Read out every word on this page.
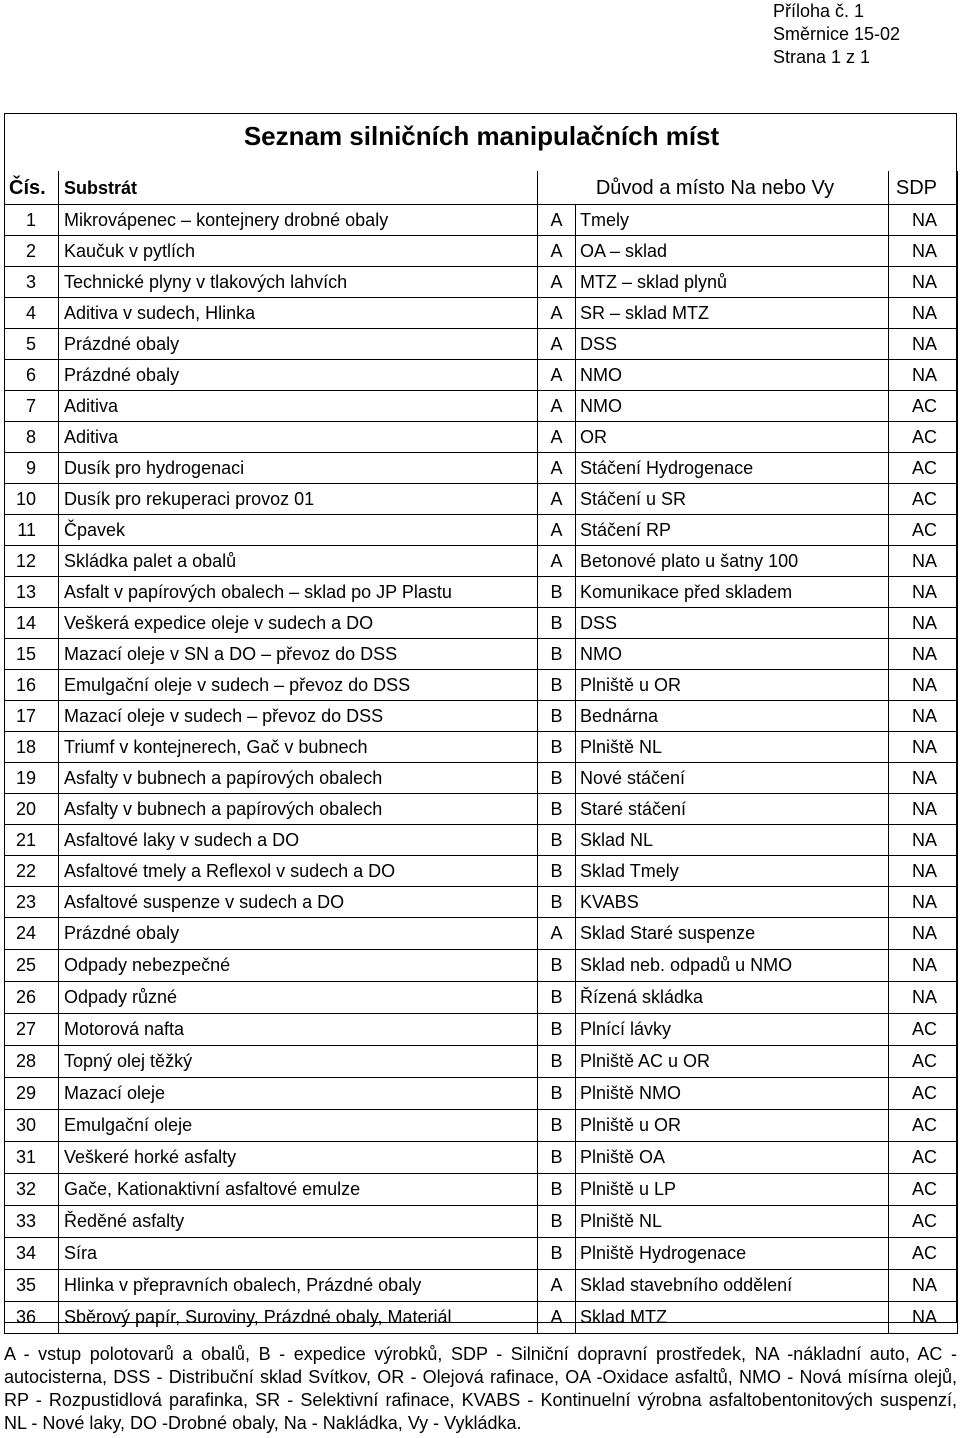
Příloha č. 1
Směrnice 15-02
Strana 1 z 1
Seznam silničních manipulačních míst
Čís.	Substrát	Důvod a místo Na nebo Vy		SDP
1	Mikrovápenec – kontejnery drobné obaly	A	Tmely	NA
2	Kaučuk v pytlích	A	OA – sklad	NA
3	Technické plyny v tlakových lahvích	A	MTZ – sklad plynů	NA
4	Aditiva v sudech, Hlinka	A	SR – sklad MTZ	NA
5	Prázdné obaly	A	DSS	NA
6	Prázdné obaly	A	NMO	NA
7	Aditiva	A	NMO	AC
8	Aditiva	A	OR	AC
9	Dusík pro hydrogenaci	A	Stáčení Hydrogenace	AC
10	Dusík pro rekuperaci provoz 01	A	Stáčení u SR	AC
11	Čpavek	A	Stáčení RP	AC
12	Skládka palet a obalů	A	Betonové plato u šatny 100	NA
13	Asfalt v papírových obalech – sklad po JP Plastu	B	Komunikace před skladem	NA
14	Veškerá expedice oleje v sudech a DO	B	DSS	NA
15	Mazací oleje v SN a DO – převoz do DSS	B	NMO	NA
16	Emulgační oleje v sudech – převoz do DSS	B	Plniště u OR	NA
17	Mazací oleje v sudech – převoz do DSS	B	Bednárna	NA
18	Triumf v kontejnerech, Gač v bubnech	B	Plniště NL	NA
19	Asfalty v bubnech a papírových obalech	B	Nové stáčení	NA
20	Asfalty v bubnech a papírových obalech	B	Staré stáčení	NA
21	Asfaltové laky v sudech a DO	B	Sklad NL	NA
22	Asfaltové tmely a Reflexol v sudech a DO	B	Sklad Tmely	NA
23	Asfaltové suspenze v sudech a DO	B	KVABS	NA
24	Prázdné obaly	A	Sklad Staré suspenze	NA
25	Odpady nebezpečné	B	Sklad neb. odpadů u NMO	NA
26	Odpady různé	B	Řízená skládka	NA
27	Motorová nafta	B	Plnící lávky	AC
28	Topný olej těžký	B	Plniště AC u OR	AC
29	Mazací oleje	B	Plniště NMO	AC
30	Emulgační oleje	B	Plniště u OR	AC
31	Veškeré horké asfalty	B	Plniště OA	AC
32	Gače, Kationaktivní asfaltové emulze	B	Plniště u LP	AC
33	Ředěné asfalty	B	Plniště NL	AC
34	Síra	B	Plniště Hydrogenace	AC
35	Hlinka v přepravních obalech, Prázdné obaly	A	Sklad stavebního oddělení	NA
36	Sběrový papír, Suroviny, Prázdné obaly, Materiál	A	Sklad MTZ	NA
A - vstup polotovarů a obalů, B - expedice výrobků, SDP - Silniční dopravní prostředek, NA -nákladní auto, AC - autocisterna, DSS - Distribuční sklad Svítkov, OR - Olejová rafinace, OA -Oxidace asfaltů, NMO - Nová mísírna olejů, RP - Rozpustidlová parafinka, SR - Selektivní rafinace, KVABS - Kontinuelní výrobna asfaltobentonitových suspenzí, NL - Nové laky, DO -Drobné obaly, Na - Nakládka, Vy - Vykládka.
